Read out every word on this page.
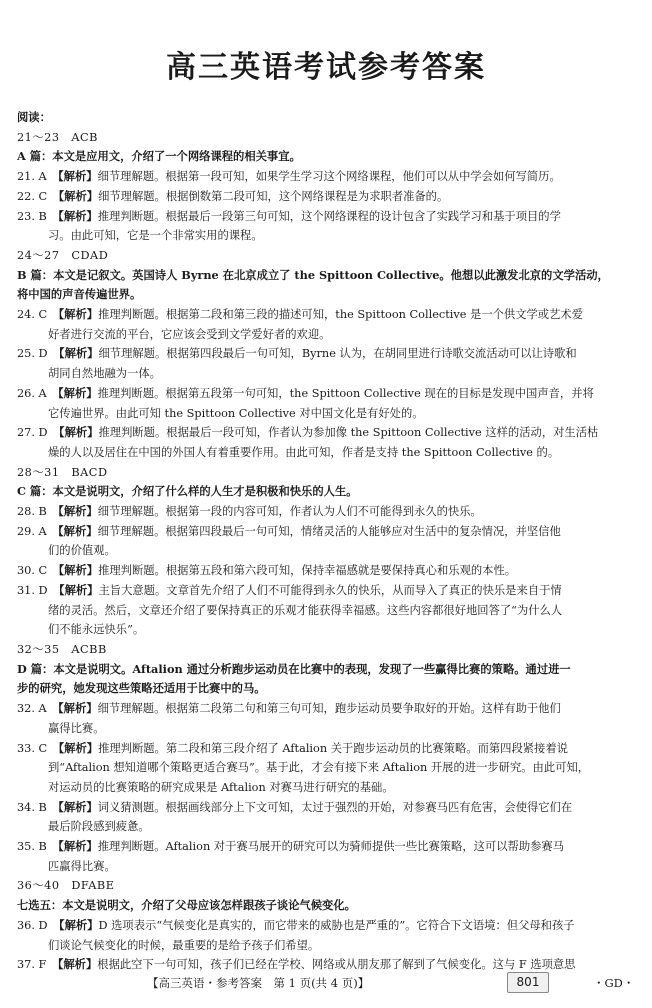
高三英语考试参考答案
阅读：
21～23　ACB
A 篇：本文是应用文，介绍了一个网络课程的相关事宜。
21. A  【解析】细节理解题。根据第一段可知，如果学生学习这个网络课程，他们可以从中学会如何写简历。
22. C  【解析】细节理解题。根据倒数第二段可知，这个网络课程是为求职者准备的。
23. B  【解析】推理判断题。根据最后一段第三句可知，这个网络课程的设计包含了实践学习和基于项目的学
习。由此可知，它是一个非常实用的课程。
24～27　CDAD
B 篇：本文是记叙文。英国诗人 Byrne 在北京成立了 the Spittoon Collective。他想以此激发北京的文学活动，
将中国的声音传遍世界。
24. C  【解析】推理判断题。根据第二段和第三段的描述可知，the Spittoon Collective 是一个供文学或艺术爱
好者进行交流的平台，它应该会受到文学爱好者的欢迎。
25. D  【解析】细节理解题。根据第四段最后一句可知，Byrne 认为，在胡同里进行诗歌交流活动可以让诗歌和
胡同自然地融为一体。
26. A  【解析】推理判断题。根据第五段第一句可知，the Spittoon Collective 现在的目标是发现中国声音，并将
它传遍世界。由此可知 the Spittoon Collective 对中国文化是有好处的。
27. D  【解析】推理判断题。根据最后一段可知，作者认为参加像 the Spittoon Collective 这样的活动，对生活枯
燥的人以及居住在中国的外国人有着重要作用。由此可知，作者是支持 the Spittoon Collective 的。
28～31　BACD
C 篇：本文是说明文，介绍了什么样的人生才是积极和快乐的人生。
28. B  【解析】细节理解题。根据第一段的内容可知，作者认为人们不可能得到永久的快乐。
29. A  【解析】细节理解题。根据第四段最后一句可知，情绪灵活的人能够应对生活中的复杂情况，并坚信他
们的价值观。
30. C  【解析】推理判断题。根据第五段和第六段可知，保持幸福感就是要保持真心和乐观的本性。
31. D  【解析】主旨大意题。文章首先介绍了人们不可能得到永久的快乐，从而导入了真正的快乐是来自于情
绪的灵活。然后，文章还介绍了要保持真正的乐观才能获得幸福感。这些内容都很好地回答了“为什么人
们不能永远快乐”。
32～35　ACBB
D 篇：本文是说明文。Aftalion 通过分析跑步运动员在比赛中的表现，发现了一些赢得比赛的策略。通过进一
步的研究，她发现这些策略还适用于比赛中的马。
32. A  【解析】细节理解题。根据第二段第二句和第三句可知，跑步运动员要争取好的开始。这样有助于他们
赢得比赛。
33. C  【解析】推理判断题。第二段和第三段介绍了 Aftalion 关于跑步运动员的比赛策略。而第四段紧接着说
到“Aftalion 想知道哪个策略更适合赛马”。基于此，才会有接下来 Aftalion 开展的进一步研究。由此可知，
对运动员的比赛策略的研究成果是 Aftalion 对赛马进行研究的基础。
34. B  【解析】词义猜测题。根据画线部分上下文可知，太过于强烈的开始，对参赛马匹有危害，会使得它们在
最后阶段感到疲惫。
35. B  【解析】推理判断题。Aftalion 对于赛马展开的研究可以为骑师提供一些比赛策略，这可以帮助参赛马
匹赢得比赛。
36～40　DFABE
七选五：本文是说明文，介绍了父母应该怎样跟孩子谈论气候变化。
36. D  【解析】D 选项表示“气候变化是真实的，而它带来的威胁也是严重的”。它符合下文语境：但父母和孩子
们谈论气候变化的时候，最重要的是给予孩子们希望。
37. F  【解析】根据此空下一句可知，孩子们已经在学校、网络或从朋友那了解到了气候变化。这与 F 选项意思
【高三英语・参考答案　第 1 页(共 4 页)】	801	・GD・
